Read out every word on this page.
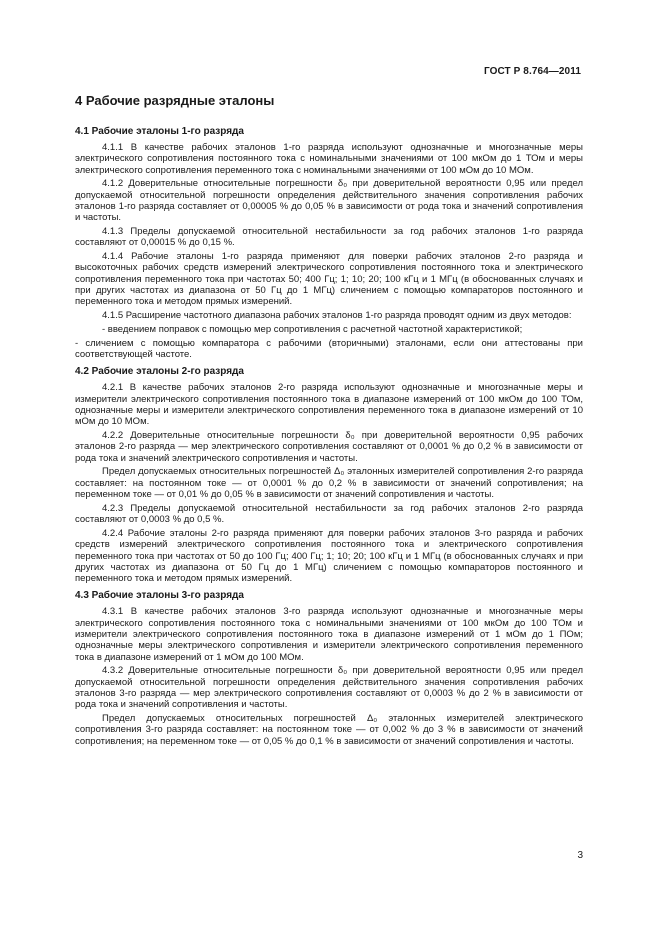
ГОСТ Р 8.764—2011
4 Рабочие разрядные эталоны
4.1 Рабочие эталоны 1-го разряда

4.1.1 В качестве рабочих эталонов 1-го разряда используют однозначные и многозначные меры электрического сопротивления постоянного тока с номинальными значениями от 100 мкОм до 1 ТОм и меры электрического сопротивления переменного тока с номинальными значениями от 100 мОм до 10 МОм.

4.1.2 Доверительные относительные погрешности δ₀ при доверительной вероятности 0,95 или предел допускаемой относительной погрешности определения действительного значения сопротивления рабочих эталонов 1-го разряда составляет от 0,00005 % до 0,05 % в зависимости от рода тока и значений сопротивления и частоты.

4.1.3 Пределы допускаемой относительной нестабильности за год рабочих эталонов 1-го разряда составляют от 0,00015 % до 0,15 %.

4.1.4 Рабочие эталоны 1-го разряда применяют для поверки рабочих эталонов 2-го разряда и высокоточных рабочих средств измерений электрического сопротивления постоянного тока и электрического сопротивления переменного тока при частотах 50; 400 Гц; 1; 10; 20; 100 кГц и 1 МГц (в обоснованных случаях и при других частотах из диапазона от 50 Гц до 1 МГц) сличением с помощью компараторов постоянного и переменного тока и методом прямых измерений.

4.1.5 Расширение частотного диапазона рабочих эталонов 1-го разряда проводят одним из двух методов:

- введением поправок с помощью мер сопротивления с расчетной частотной характеристикой;

- сличением с помощью компаратора с рабочими (вторичными) эталонами, если они аттестованы при соответствующей частоте.

4.2 Рабочие эталоны 2-го разряда

4.2.1 В качестве рабочих эталонов 2-го разряда используют однозначные и многозначные меры и измерители электрического сопротивления постоянного тока в диапазоне измерений от 100 мкОм до 100 ТОм, однозначные меры и измерители электрического сопротивления переменного тока в диапазоне измерений от 10 мОм до 10 МОм.

4.2.2 Доверительные относительные погрешности δ₀ при доверительной вероятности 0,95 рабочих эталонов 2-го разряда — мер электрического сопротивления составляют от 0,0001 % до 0,2 % в зависимости от рода тока и значений электрического сопротивления и частоты.

Предел допускаемых относительных погрешностей Δ₀ эталонных измерителей сопротивления 2-го разряда составляет: на постоянном токе — от 0,0001 % до 0,2 % в зависимости от значений сопротивления; на переменном токе — от 0,01 % до 0,05 % в зависимости от значений сопротивления и частоты.

4.2.3 Пределы допускаемой относительной нестабильности за год рабочих эталонов 2-го разряда составляют от 0,0003 % до 0,5 %.

4.2.4 Рабочие эталоны 2-го разряда применяют для поверки рабочих эталонов 3-го разряда и рабочих средств измерений электрического сопротивления постоянного тока и электрического сопротивления переменного тока при частотах от 50 до 100 Гц; 400 Гц; 1; 10; 20; 100 кГц и 1 МГц (в обоснованных случаях и при других частотах из диапазона от 50 Гц до 1 МГц) сличением с помощью компараторов постоянного и переменного тока и методом прямых измерений.

4.3 Рабочие эталоны 3-го разряда

4.3.1 В качестве рабочих эталонов 3-го разряда используют однозначные и многозначные меры электрического сопротивления постоянного тока с номинальными значениями от 100 мкОм до 100 ТОм и измерители электрического сопротивления постоянного тока в диапазоне измерений от 1 мОм до 1 ПОм; однозначные меры электрического сопротивления и измерители электрического сопротивления переменного тока в диапазоне измерений от 1 мОм до 100 МОм.

4.3.2 Доверительные относительные погрешности δ₀ при доверительной вероятности 0,95 или предел допускаемой относительной погрешности определения действительного значения сопротивления рабочих эталонов 3-го разряда — мер электрического сопротивления составляют от 0,0003 % до 2 % в зависимости от рода тока и значений сопротивления и частоты.

Предел допускаемых относительных погрешностей Δ₀ эталонных измерителей электрического сопротивления 3-го разряда составляет: на постоянном токе — от 0,002 % до 3 % в зависимости от значений сопротивления; на переменном токе — от 0,05 % до 0,1 % в зависимости от значений сопротивления и частоты.

3
